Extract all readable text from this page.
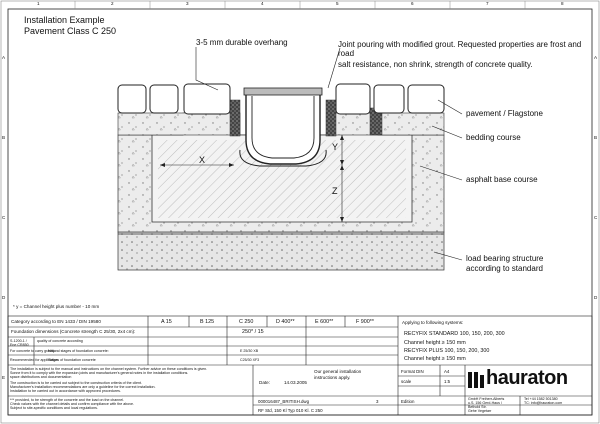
1	2	3	4	5	6	7	8
A
B
C
D
E
A
B
C
D
Installation Example
Pavement Class C 250
3-5 mm durable overhang	Joint pouring with modified grout. Requested properties are frost and road
salt resistance, non shrink, strength of concrete quality.
pavement / Flagstone
bedding course
asphalt base course
load bearing structure
according to standard
X
Y
Z
* y = Channel height plus number - 10 mm
Category according to EN 1433 / DIN 19580	A 15	B 125	C 250	D 400**	E 600**	F 900**
Foundation dimensions (Concrete strength C 25/30, 2x4 cm):	250* / 15
S-1200-1 / Ene CR850
quality of concrete according
For concrete to carry gravity
Natural stages of foundation concrete:	E 25/30 XB
Recommended for application
Stages of foundation concrete	C25/30 XF3
The installation is subject to the manual and instructions on the channel system. Further advice on these conditions is given.
Sonne from it to comply with the expansion joints and manufacturer's general notes in the installation conditions.
space distributions and documentation
The construction is to be carried out subject to the construction criteria of the client.
Manufacturer's installation recommendations are only a guideline for the correct installation.
Installation to be carried out in accordance with approved procedures.
*** provided, to be strength of the concrete and the load on the channel.
Check values with the channel details and confirm compliance with the above.
Subject to site-specific conditions and local regulations.
Applying to following systems:
RECYFIX STANDARD 100, 150, 200, 300
Channel height ≥ 150 mm
RECYFIX PLUS 100, 150, 200, 300
Channel height ≥ 150 mm
Date:	14.03.2005
Our general installation
instructions apply.
000016487_BRITISH.dwg	3
RF Std, 150 Kl Typ 010 Kl. C 250
Format DIN	A4
scale	1:5
Edition
hauraton
GmbH Freiherr-Alberts
u.S. 156 Gerd-Haus /
Bethold Str.
Gehe Vegetarr
Tel +44 1582 501380
TC: info@hauraton.com
